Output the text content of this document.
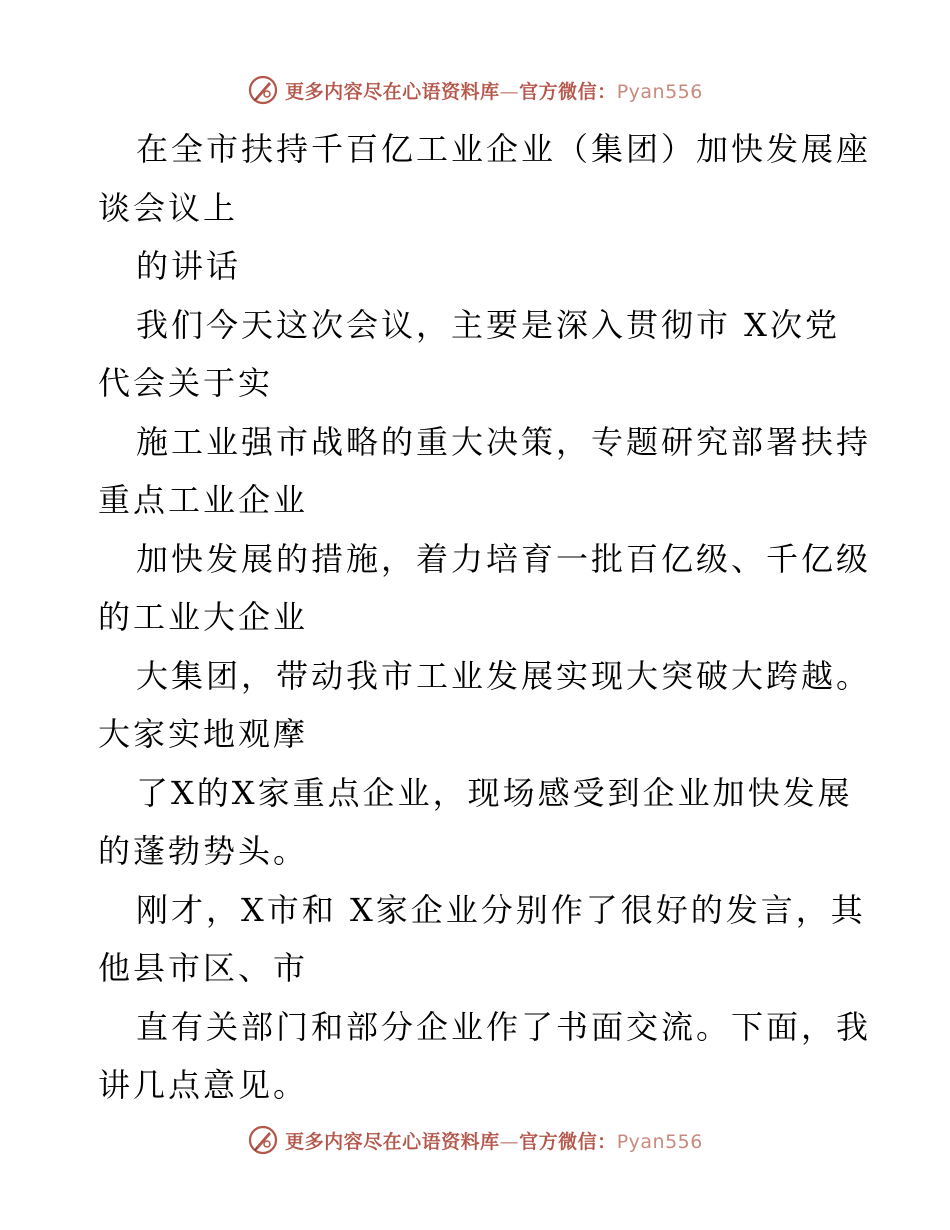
更多内容尽在心语资料库—官方微信：Pyan556
在全市扶持千百亿工业企业（集团）加快发展座
谈会议上
的讲话
我们今天这次会议，主要是深入贯彻市 X次党
代会关于实
施工业强市战略的重大决策，专题研究部署扶持
重点工业企业
加快发展的措施，着力培育一批百亿级、千亿级
的工业大企业
大集团，带动我市工业发展实现大突破大跨越。
大家实地观摩
了X的X家重点企业，现场感受到企业加快发展
的蓬勃势头。
刚才，X市和 X家企业分别作了很好的发言，其
他县市区、市
直有关部门和部分企业作了书面交流。下面，我
讲几点意见。
更多内容尽在心语资料库—官方微信：Pyan556
